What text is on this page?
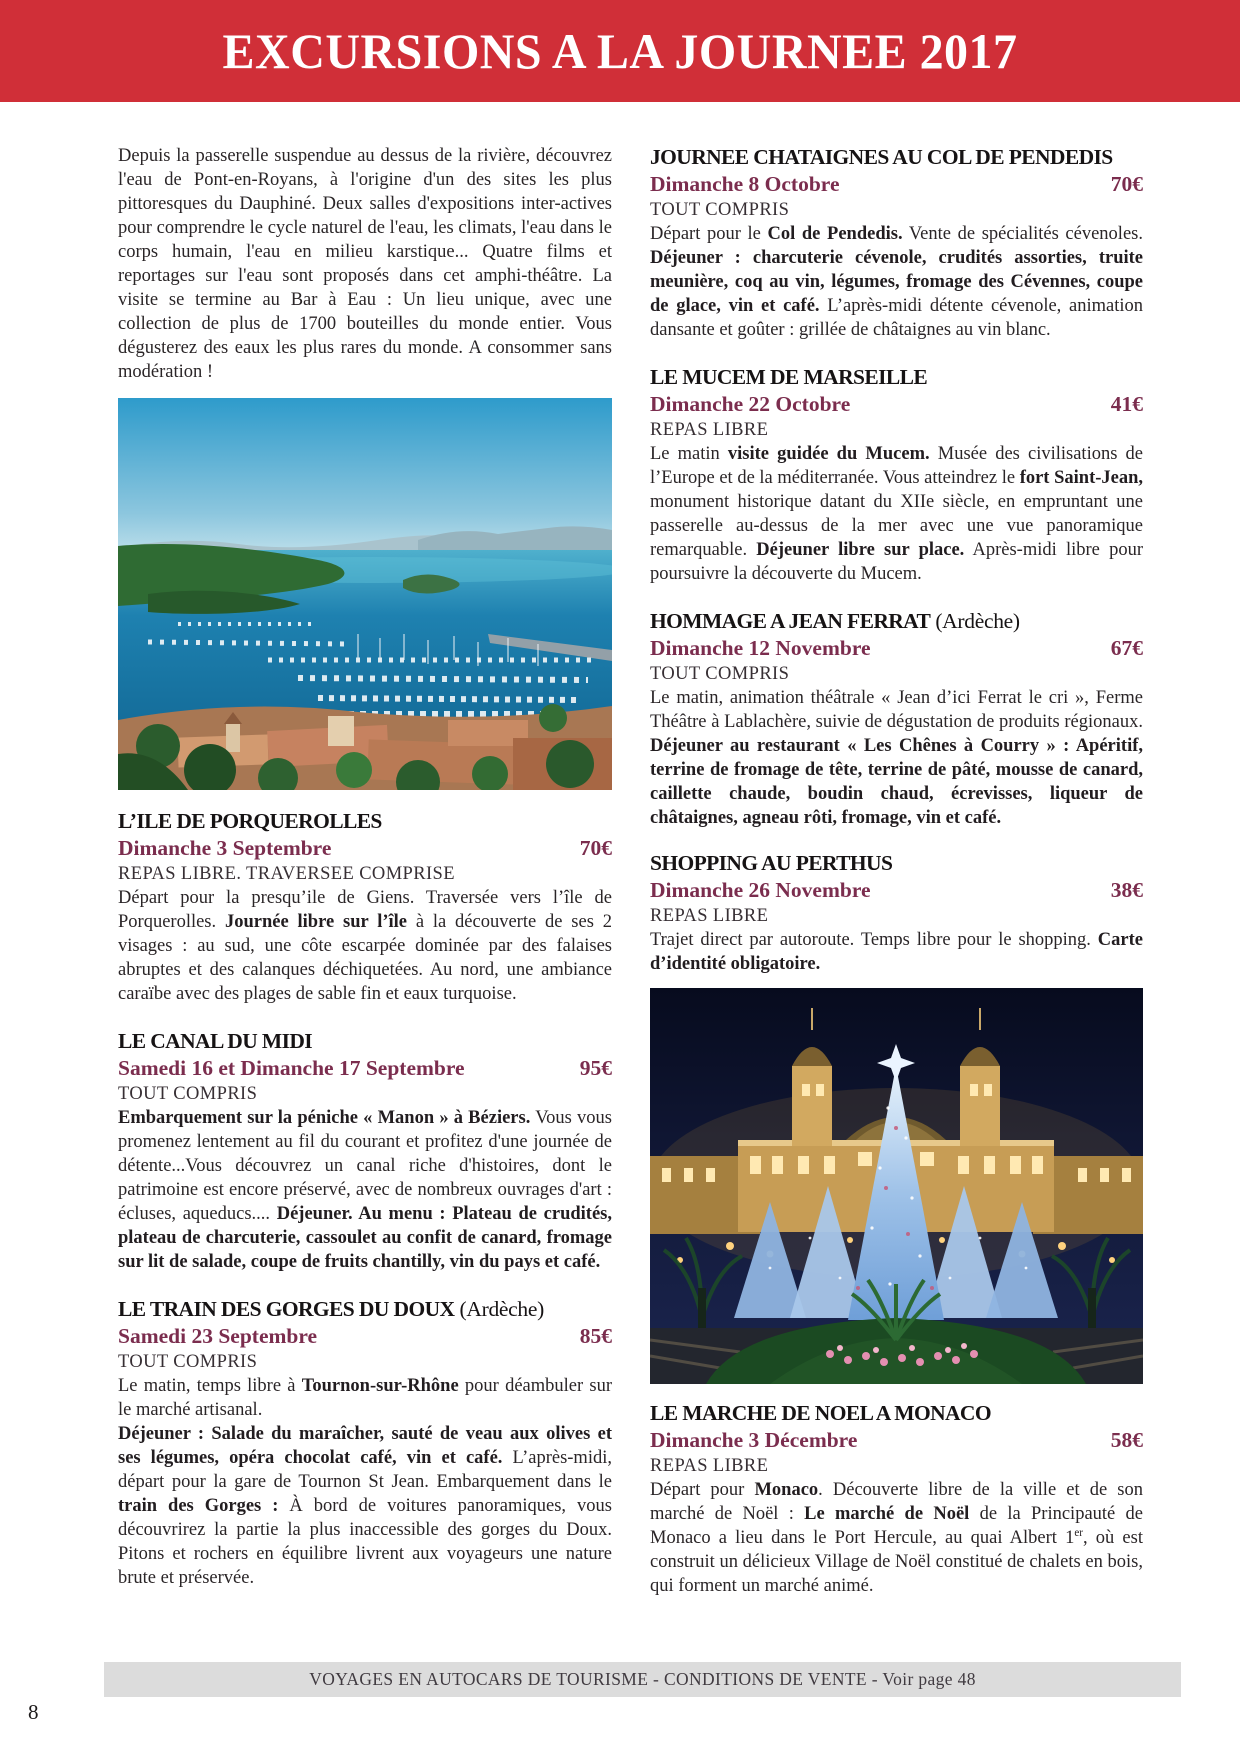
EXCURSIONS A LA JOURNEE 2017

Depuis la passerelle suspendue au dessus de la rivière, découvrez l'eau de Pont-en-Royans, à l'origine d'un des sites les plus pittoresques du Dauphiné. Deux salles d'expositions inter-actives pour comprendre le cycle naturel de l'eau, les climats, l'eau dans le corps humain, l'eau en milieu karstique... Quatre films et reportages sur l'eau sont proposés dans cet amphi-théâtre. La visite se termine au Bar à Eau : Un lieu unique, avec une collection de plus de 1700 bouteilles du monde entier. Vous dégusterez des eaux les plus rares du monde. A consommer sans modération !

L’ILE DE PORQUEROLLES
Dimanche 3 Septembre	70€
REPAS LIBRE. TRAVERSEE COMPRISE

Départ pour la presqu’ile de Giens. Traversée vers l’île de Porquerolles. Journée libre sur l’île à la découverte de ses 2 visages : au sud, une côte escarpée dominée par des falaises abruptes et des calanques déchiquetées. Au nord, une ambiance caraïbe avec des plages de sable fin et eaux turquoise.

LE CANAL DU MIDI
Samedi 16 et Dimanche 17 Septembre	95€
TOUT COMPRIS

Embarquement sur la péniche « Manon » à Béziers. Vous vous promenez lentement au fil du courant et profitez d'une journée de détente...Vous découvrez un canal riche d'histoires, dont le patrimoine est encore préservé, avec de nombreux ouvrages d'art : écluses, aqueducs.... Déjeuner. Au menu : Plateau de crudités, plateau de charcuterie, cassoulet au confit de canard, fromage sur lit de salade, coupe de fruits chantilly, vin du pays et café.

LE TRAIN DES GORGES DU DOUX (Ardèche)
Samedi 23 Septembre	85€
TOUT COMPRIS

Le matin, temps libre à Tournon-sur-Rhône pour déambuler sur le marché artisanal.
Déjeuner : Salade du maraîcher, sauté de veau aux olives et ses légumes, opéra chocolat café, vin et café. L’après-midi, départ pour la gare de Tournon St Jean. Embarquement dans le train des Gorges : À bord de voitures panoramiques, vous découvrirez la partie la plus inaccessible des gorges du Doux. Pitons et rochers en équilibre livrent aux voyageurs une nature brute et préservée.

JOURNEE CHATAIGNES AU COL DE PENDEDIS
Dimanche 8 Octobre	70€
TOUT COMPRIS

Départ pour le Col de Pendedis. Vente de spécialités cévenoles. Déjeuner : charcuterie cévenole, crudités assorties, truite meunière, coq au vin, légumes, fromage des Cévennes, coupe de glace, vin et café. L’après-midi détente cévenole, animation dansante et goûter : grillée de châtaignes au vin blanc.

LE MUCEM DE MARSEILLE
Dimanche 22 Octobre	41€
REPAS LIBRE

Le matin visite guidée du Mucem. Musée des civilisations de l’Europe et de la méditerranée. Vous atteindrez le fort Saint-Jean, monument historique datant du XIIe siècle, en empruntant une passerelle au-dessus de la mer avec une vue panoramique remarquable. Déjeuner libre sur place. Après-midi libre pour poursuivre la découverte du Mucem.

HOMMAGE A JEAN FERRAT (Ardèche)
Dimanche 12 Novembre	67€
TOUT COMPRIS

Le matin, animation théâtrale « Jean d’ici Ferrat le cri », Ferme Théâtre à Lablachère, suivie de dégustation de produits régionaux. Déjeuner au restaurant « Les Chênes à Courry » : Apéritif, terrine de fromage de tête, terrine de pâté, mousse de canard, caillette chaude, boudin chaud, écrevisses, liqueur de châtaignes, agneau rôti, fromage, vin et café.

SHOPPING AU PERTHUS
Dimanche 26 Novembre	38€
REPAS LIBRE

Trajet direct par autoroute. Temps libre pour le shopping. Carte d’identité obligatoire.

LE MARCHE DE NOEL A MONACO
Dimanche 3 Décembre	58€
REPAS LIBRE

Départ pour Monaco. Découverte libre de la ville et de son marché de Noël : Le marché de Noël de la Principauté de Monaco a lieu dans le Port Hercule, au quai Albert 1er, où est construit un délicieux Village de Noël constitué de chalets en bois, qui forment un marché animé.

VOYAGES EN AUTOCARS DE TOURISME - CONDITIONS DE VENTE - Voir page 48
8
